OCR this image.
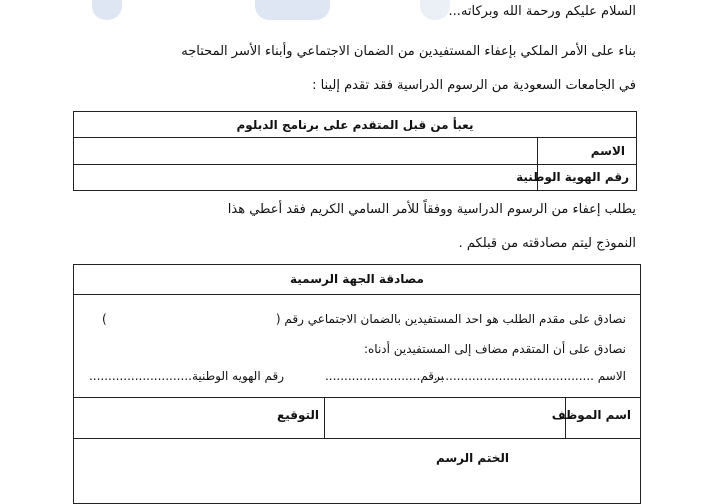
السلام عليكم ورحمة الله وبركاته...
بناء على الأمر الملكي بإعفاء المستفيدين من الضمان الاجتماعي وأبناء الأسر المحتاجه
في الجامعات السعودية من الرسوم الدراسية فقد تقدم إلينا :
يعبأ من قبل المتقدم على برنامج الدبلوم
الاسم
رقم الهوية الوطنية
يطلب إعفاء من الرسوم الدراسية ووفقاً للأمر السامي الكريم فقد أعطي هذا
النموذج ليتم مصادقته من قبلكم .
مصادقة الجهة الرسمية
نصادق على مقدم الطلب هو احد المستفيدين بالضمان الاجتماعي رقم (
)
نصادق على أن المتقدم مضاف إلى المستفيدين أدناه:
الاسم ..........................................
برقم.........................
رقم الهويه الوطنية...........................
اسم الموظف
التوقيع
الختم الرسم
